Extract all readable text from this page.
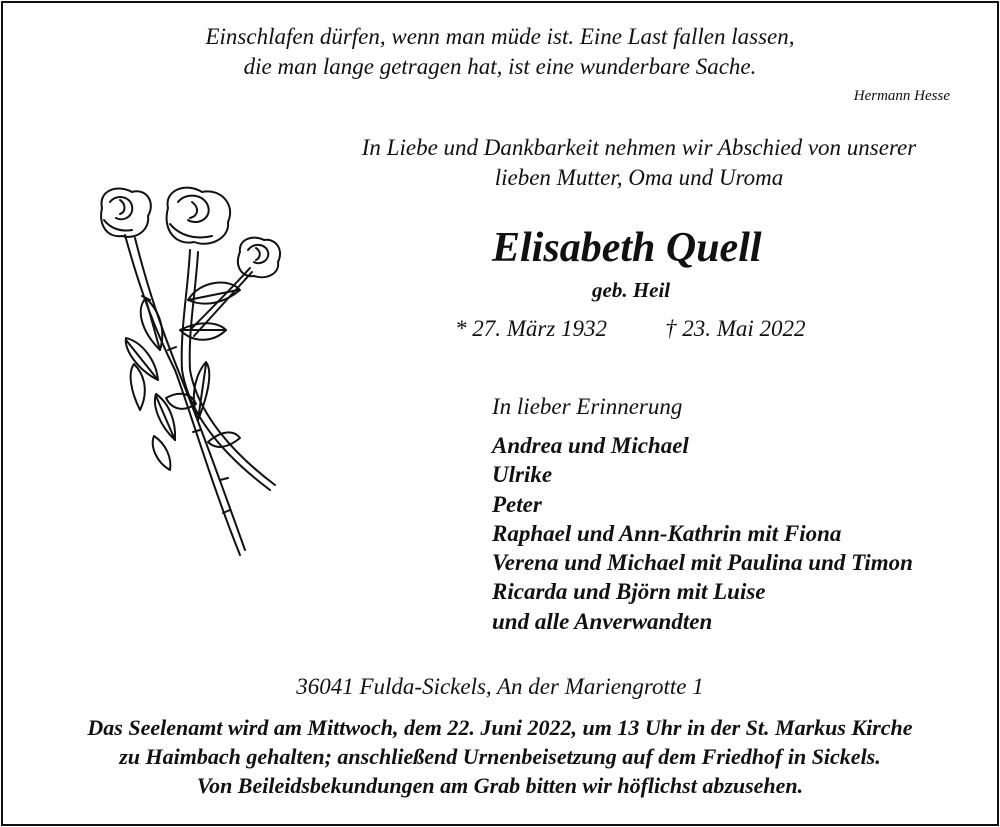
Einschlafen dürfen, wenn man müde ist. Eine Last fallen lassen,
die man lange getragen hat, ist eine wunderbare Sache.
Hermann Hesse
In Liebe und Dankbarkeit nehmen wir Abschied von unserer
lieben Mutter, Oma und Uroma
Elisabeth Quell
geb. Heil
* 27. März 1932	† 23. Mai 2022
In lieber Erinnerung
Andrea und Michael
Ulrike
Peter
Raphael und Ann-Kathrin mit Fiona
Verena und Michael mit Paulina und Timon
Ricarda und Björn mit Luise
und alle Anverwandten
36041 Fulda-Sickels, An der Mariengrotte 1
Das Seelenamt wird am Mittwoch, dem 22. Juni 2022, um 13 Uhr in der St. Markus Kirche
zu Haimbach gehalten; anschließend Urnenbeisetzung auf dem Friedhof in Sickels.
Von Beileidsbekundungen am Grab bitten wir höflichst abzusehen.
